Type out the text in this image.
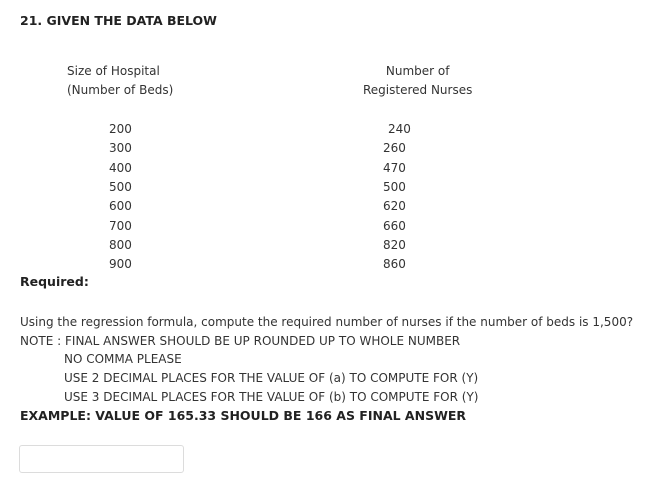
21. GIVEN THE DATA BELOW
Size of Hospital
(Number of Beds)
Number of
Registered Nurses
200	240
300	260
400	470
500	500
600	620
700	660
800	820
900	860
Required:
Using the regression formula, compute the required number of nurses if the number of beds is 1,500?
NOTE : FINAL ANSWER SHOULD BE UP ROUNDED UP TO WHOLE NUMBER
NO COMMA PLEASE
USE 2 DECIMAL PLACES FOR THE VALUE OF (a) TO COMPUTE FOR (Y)
USE 3 DECIMAL PLACES FOR THE VALUE OF (b) TO COMPUTE FOR (Y)
EXAMPLE: VALUE OF 165.33 SHOULD BE 166 AS FINAL ANSWER
